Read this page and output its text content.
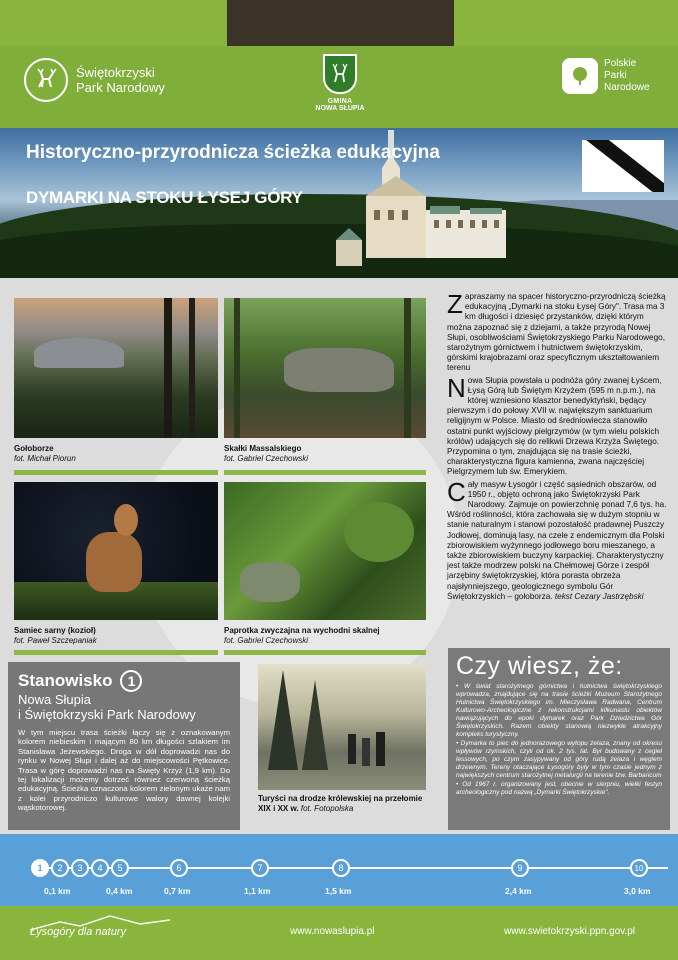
Świętokrzyski
Park Narodowy
GMINA
NOWA SŁUPIA
Polskie
Parki
Narodowe
Historyczno-przyrodnicza ścieżka edukacyjna
DYMARKI NA STOKU ŁYSEJ GÓRY
Gołoborze
fot. Michał Piorun
Skałki Massalskiego
fot. Gabriel Czechowski
Samiec sarny (kozioł)
fot. Paweł Szczepaniak
Paprotka zwyczajna na wychodni skalnej
fot. Gabriel Czechowski
Turyści na drodze królewskiej na przełomie XIX i XX w. fot. Fotopolska

Zapraszamy na spacer historyczno-przyrodniczą ścieżką edukacyjną „Dymarki na stoku Łysej Góry". Trasa ma 3 km długości i dziesięć przystanków, dzięki którym można zapoznać się z dziejami, a także przyrodą Nowej Słupi, osobliwościami Świętokrzyskiego Parku Narodowego, starożytnym górnictwem i hutnictwem świętokrzyskim, górskimi krajobrazami oraz specyficznym ukształtowaniem terenu

Nowa Słupia powstała u podnóża góry zwanej Łyścem, Łysą Górą lub Świętym Krzyżem (595 m n.p.m.), na której wzniesiono klasztor benedyktyński, będący pierwszym i do połowy XVII w. największym sanktuarium religijnym w Polsce. Miasto od średniowiecza stanowiło ostatni punkt wyjściowy pielgrzymów (w tym wielu polskich królów) udających się do relikwii Drzewa Krzyża Świętego. Przypomina o tym, znajdująca się na trasie ścieżki, charakterystyczna figura kamienna, zwana najczęściej Pielgrzymem lub św. Emerykiem.

Cały masyw Łysogór i część sąsiednich obszarów, od 1950 r., objęto ochroną jako Świętokrzyski Park Narodowy. Zajmuje on powierzchnię ponad 7,6 tys. ha. Wśród roślinności, która zachowała się w dużym stopniu w stanie naturalnym i stanowi pozostałość pradawnej Puszczy Jodłowej, dominują lasy, na czele z endemicznym dla Polski zbiorowiskiem wyżynnego jodłowego boru mieszanego, a także zbiorowiskiem buczyny karpackiej. Charakterystyczny jest także modrzew polski na Chełmowej Górze i zespół jarzębiny świętokrzyskiej, która porasta obrzeża najsłynniejszego, geologicznego symbolu Gór Świętokrzyskich – gołoborza. tekst Cezary Jastrzębski

Stanowisko	1
Nowa Słupia
i Świętokrzyski Park Narodowy
W tym miejscu trasa ścieżki łączy się z oznakowanym kolorem niebieskim i mającym 80 km długości szlakiem im Stanisława Jeżewskiego. Droga w dół doprowadzi nas do rynku w Nowej Słupi i dalej aż do miejscowości Pętkowice. Trasa w górę doprowadzi nas na Święty Krzyż (1,9 km). Do tej lokalizacji możemy dotrzeć również czerwoną ścieżką edukacyjną. Ścieżka oznaczona kolorem zielonym ukaże nam z kolei przyrodniczo kulturowe walory dawnej kolejki wąskotorowej.
Czy wiesz, że:
• W świat starożytnego górnictwa i hutnictwa świętokrzyskiego wprowadza, znajdujące się na trasie ścieżki Muzeum Starożytnego Hutnictwa Świętokrzyskiego im. Mieczysława Radwana, Centrum Kulturowo-Archeologiczne z rekonstrukcjami kilkunastu obiektów nawiązujących do epoki dymarek oraz Park Dziedzictwa Gór Świętokrzyskich. Razem obiekty stanowią niezwykle atrakcyjny kompleks turystyczny.
• Dymarka to piec do jednorazowego wytopu żelaza, znany od okresu wpływów rzymskich, czyli od ok. 2 tys. lat. Był budowany z cegieł lessowych, po czym zasypywany od góry rudą żelaza i węglem drzewnym. Tereny otaczające Łysogóry były w tym czasie jednym z największych centrum starożytnej metalurgii na terenie tzw. Barbaricum
• Od 1967 r. organizowany jest, obecnie w sierpniu, wielki festyn archeologiczny pod nazwą „Dymarki Świętokrzyskie".
1	2	3	4	5	6	7	8	9	10
0,1 km	0,4 km	0,7 km	1,1 km	1,5 km	2,4 km	3,0 km
Łysogóry dla natury	www.nowaslupia.pl	www.swietokrzyski.ppn.gov.pl
